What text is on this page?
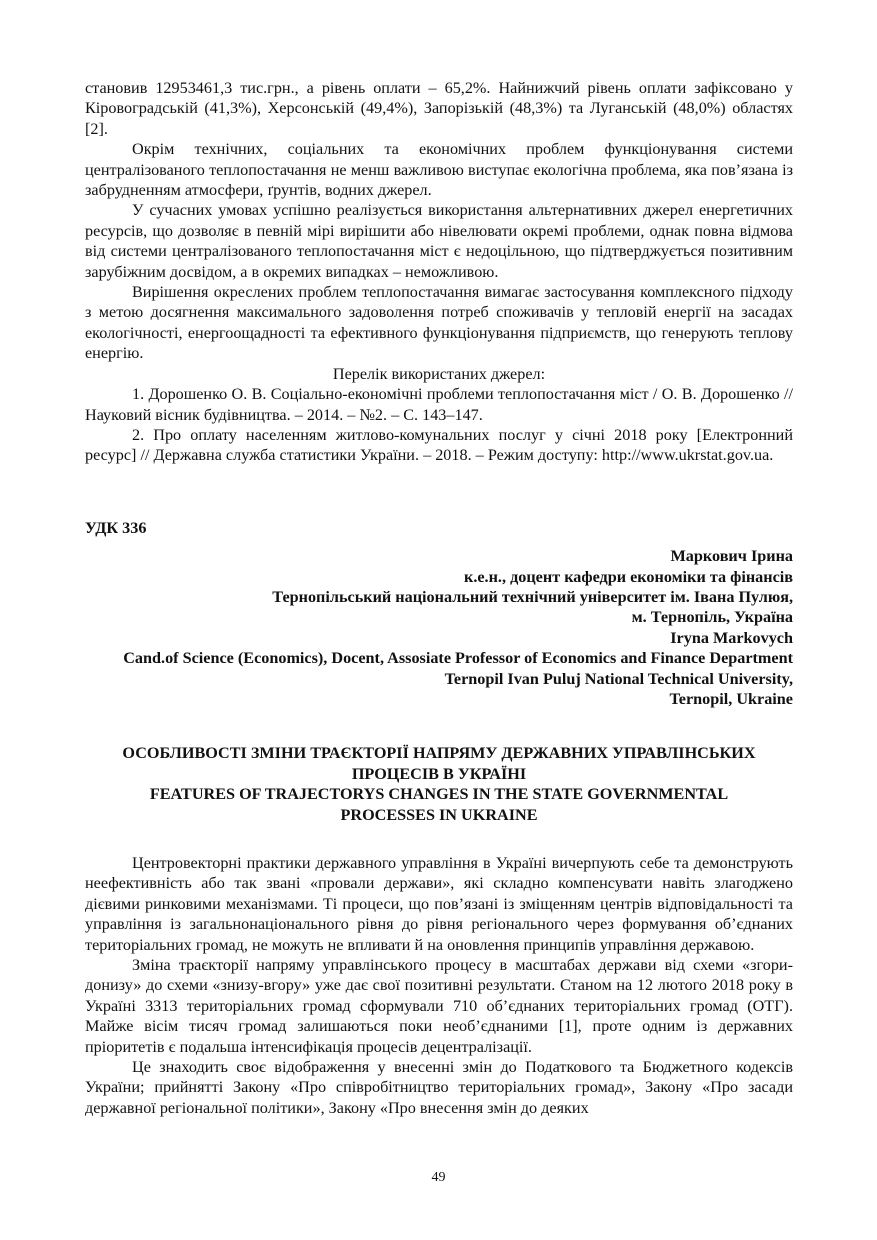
становив 12953461,3 тис.грн., а рівень оплати – 65,2%. Найнижчий рівень оплати зафіксовано у Кіровоградській (41,3%), Херсонській (49,4%), Запорізькій (48,3%) та Луганській (48,0%) областях [2].

Окрім технічних, соціальних та економічних проблем функціонування системи централізованого теплопостачання не менш важливою виступає екологічна проблема, яка пов’язана із забрудненням атмосфери, ґрунтів, водних джерел.

У сучасних умовах успішно реалізується використання альтернативних джерел енергетичних ресурсів, що дозволяє в певній мірі вирішити або нівелювати окремі проблеми, однак повна відмова від системи централізованого теплопостачання міст є недоцільною, що підтверджується позитивним зарубіжним досвідом, а в окремих випадках – неможливою.

Вирішення окреслених проблем теплопостачання вимагає застосування комплексного підходу з метою досягнення максимального задоволення потреб споживачів у тепловій енергії на засадах екологічності, енергоощадності та ефективного функціонування підприємств, що генерують теплову енергію.

Перелік використаних джерел:

1. Дорошенко О. В. Соціально-економічні проблеми теплопостачання міст / О. В. Дорошенко // Науковий вісник будівництва. – 2014. – №2. – С. 143–147.

2. Про оплату населенням житлово-комунальних послуг у січні 2018 року [Електронний ресурс] // Державна служба статистики України. – 2018. – Режим доступу: http://www.ukrstat.gov.ua.

УДК 336

Маркович Ірина

к.е.н., доцент кафедри економіки та фінансів

Тернопільський національний технічний університет ім. Івана Пулюя,

м. Тернопіль, Україна

Iryna Markovych

Cand.of Science (Economics), Docent, Assosiate Professor of Economics and Finance Department

Ternopil Ivan Puluj National Technical University,

Ternopil, Ukraine

ОСОБЛИВОСТІ ЗМІНИ ТРАЄКТОРІЇ НАПРЯМУ ДЕРЖАВНИХ УПРАВЛІНСЬКИХ

ПРОЦЕСІВ В УКРАЇНІ

FEATURES OF TRAJECTORYS CHANGES IN THE STATE GOVERNMENTAL

PROCESSES IN UKRAINE

Центровекторні практики державного управління в Україні вичерпують себе та демонструють неефективність або так звані «провали держави», які складно компенсувати навіть злагоджено дієвими ринковими механізмами. Ті процеси, що пов’язані із зміщенням центрів відповідальності та управління із загальнонаціонального рівня до рівня регіонального через формування об’єднаних територіальних громад, не можуть не впливати й на оновлення принципів управління державою.

Зміна траєкторії напряму управлінського процесу в масштабах держави від схеми «згори-донизу» до схеми «знизу-вгору» уже дає свої позитивні результати. Станом на 12 лютого 2018 року в Україні 3313 територіальних громад сформували 710 об’єднаних територіальних громад (ОТГ). Майже вісім тисяч громад залишаються поки необ’єднаними [1], проте одним із державних пріоритетів є подальша інтенсифікація процесів децентралізації.

Це знаходить своє відображення у внесенні змін до Податкового та Бюджетного кодексів України; прийнятті Закону «Про співробітництво територіальних громад», Закону «Про засади державної регіональної політики», Закону «Про внесення змін до деяких

49
